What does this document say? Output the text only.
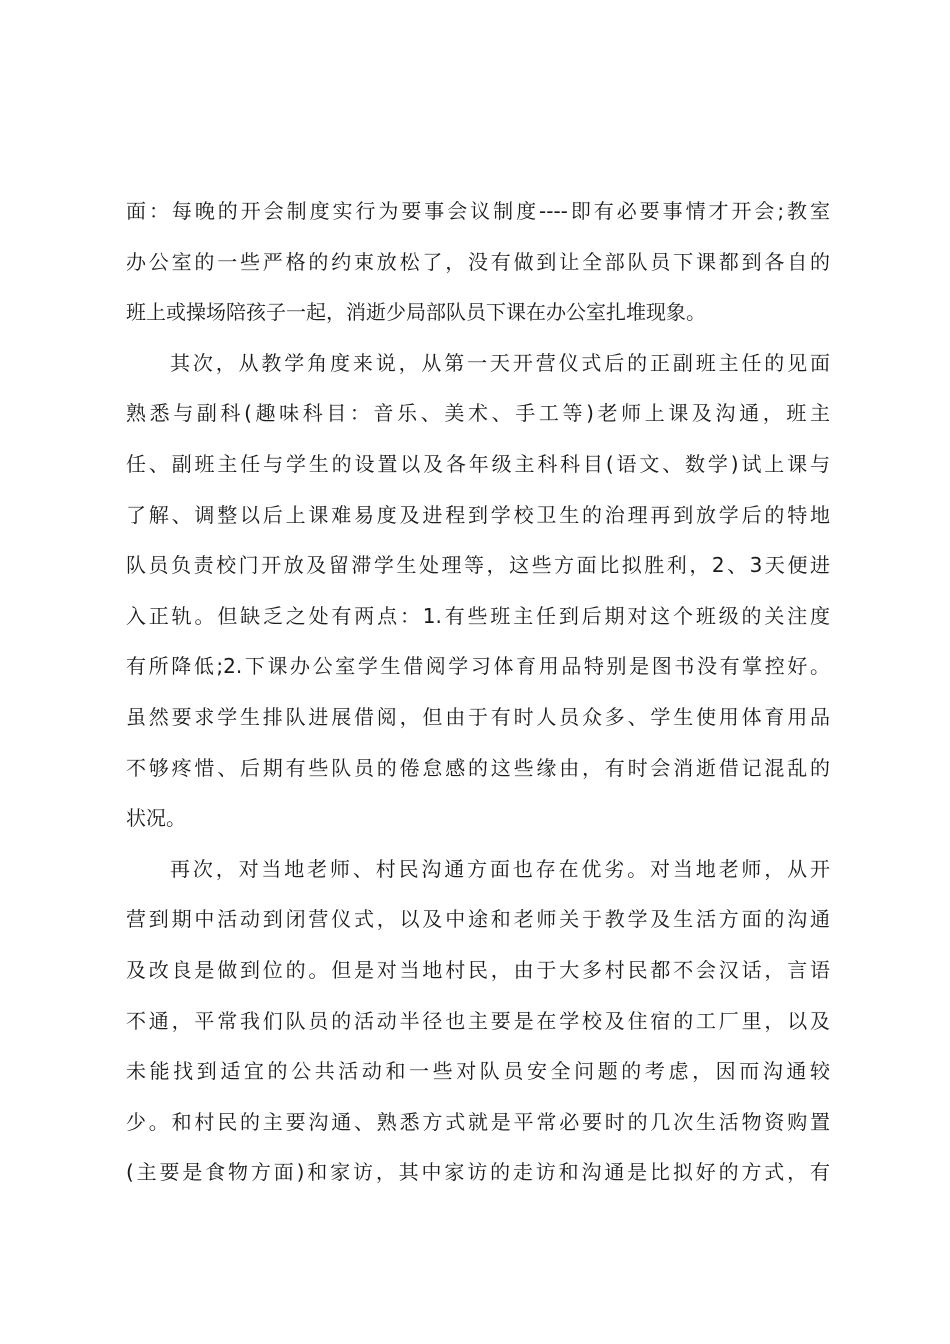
面：每晚的开会制度实行为要事会议制度----即有必要事情才开会;教室
办公室的一些严格的约束放松了，没有做到让全部队员下课都到各自的
班上或操场陪孩子一起，消逝少局部队员下课在办公室扎堆现象。
其次，从教学角度来说，从第一天开营仪式后的正副班主任的见面
熟悉与副科(趣味科目：音乐、美术、手工等)老师上课及沟通，班主
任、副班主任与学生的设置以及各年级主科科目(语文、数学)试上课与
了解、调整以后上课难易度及进程到学校卫生的治理再到放学后的特地
队员负责校门开放及留滞学生处理等，这些方面比拟胜利，2、3天便进
入正轨。但缺乏之处有两点：1.有些班主任到后期对这个班级的关注度
有所降低;2.下课办公室学生借阅学习体育用品特别是图书没有掌控好。
虽然要求学生排队进展借阅，但由于有时人员众多、学生使用体育用品
不够疼惜、后期有些队员的倦怠感的这些缘由，有时会消逝借记混乱的
状况。
再次，对当地老师、村民沟通方面也存在优劣。对当地老师，从开
营到期中活动到闭营仪式，以及中途和老师关于教学及生活方面的沟通
及改良是做到位的。但是对当地村民，由于大多村民都不会汉话，言语
不通，平常我们队员的活动半径也主要是在学校及住宿的工厂里，以及
未能找到适宜的公共活动和一些对队员安全问题的考虑，因而沟通较
少。和村民的主要沟通、熟悉方式就是平常必要时的几次生活物资购置
(主要是食物方面)和家访，其中家访的走访和沟通是比拟好的方式，有
